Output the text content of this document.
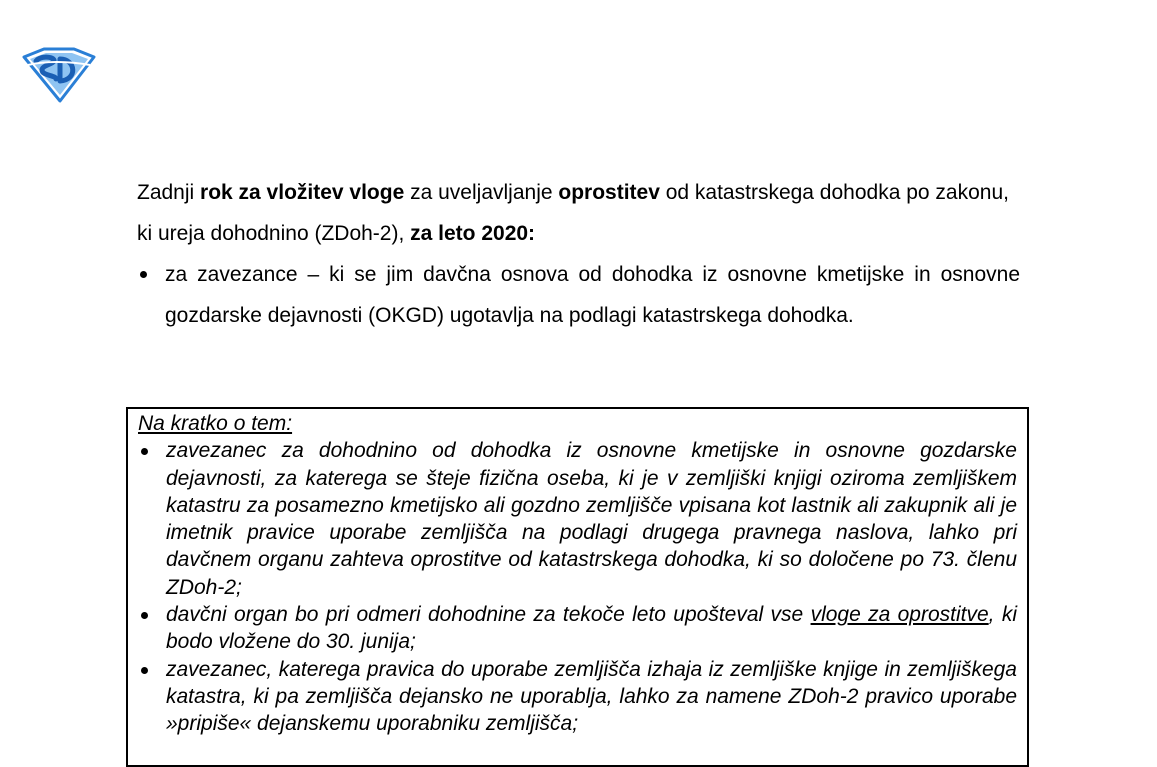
Zadnji rok za vložitev vloge za uveljavljanje oprostitev od katastrskega dohodka po zakonu, ki ureja dohodnino (ZDoh-2), za leto 2020:

za zavezance – ki se jim davčna osnova od dohodka iz osnovne kmetijske in osnovne gozdarske dejavnosti (OKGD) ugotavlja na podlagi katastrskega dohodka.

Na kratko o tem:

zavezanec za dohodnino od dohodka iz osnovne kmetijske in osnovne gozdarske dejavnosti, za katerega se šteje fizična oseba, ki je v zemljiški knjigi oziroma zemljiškem katastru za posamezno kmetijsko ali gozdno zemljišče vpisana kot lastnik ali zakupnik ali je imetnik pravice uporabe zemljišča na podlagi drugega pravnega naslova, lahko pri davčnem organu zahteva oprostitve od katastrskega dohodka, ki so določene po 73. členu ZDoh-2;
davčni organ bo pri odmeri dohodnine za tekoče leto upošteval vse vloge za oprostitve, ki bodo vložene do 30. junija;
zavezanec, katerega pravica do uporabe zemljišča izhaja iz zemljiške knjige in zemljiškega katastra, ki pa zemljišča dejansko ne uporablja, lahko za namene ZDoh-2 pravico uporabe »pripiše« dejanskemu uporabniku zemljišča;
